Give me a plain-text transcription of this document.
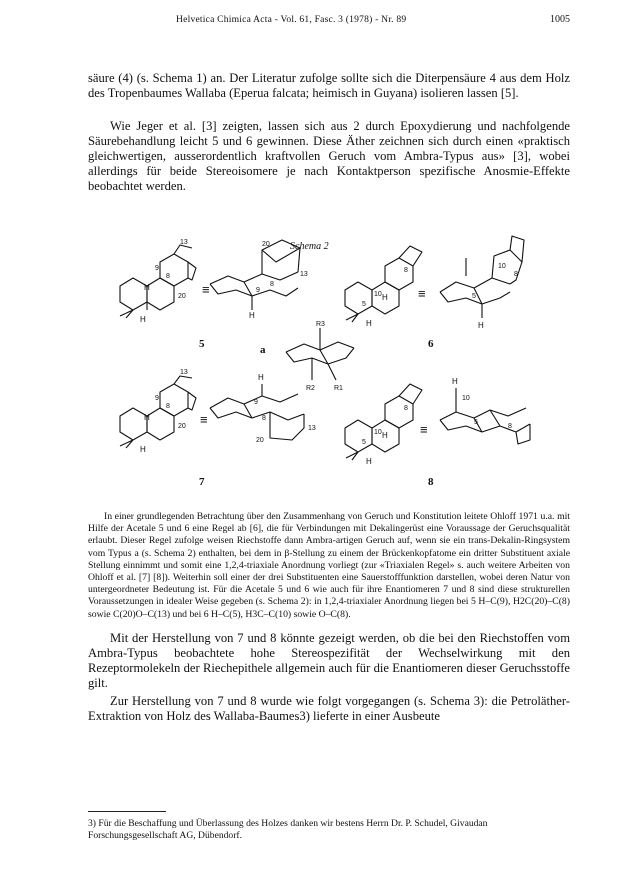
Helvetica Chimica Acta - Vol. 61, Fasc. 3 (1978) - Nr. 89	1005
säure (4) (s. Schema 1) an. Der Literatur zufolge sollte sich die Diterpensäure 4 aus dem Holz des Tropenbaumes Wallaba (Eperua falcata; heimisch in Guyana) isolieren lassen [5].
Wie Jeger et al. [3] zeigten, lassen sich aus 2 durch Epoxydierung und nachfolgende Säurebehandlung leicht 5 und 6 gewinnen. Diese Äther zeichnen sich durch einen «praktisch gleichwertigen, ausserordentlich kraftvollen Geruch vom Ambra-Typus aus» [3], wobei allerdings für beide Stereoisomere je nach Kontaktperson spezifische Anosmie-Effekte beobachtet werden.
Schema 2
13
9
8
20
H
H
20
9
8
13
H
10
5
8
H
H
10
5
8
H
R3
R2	R1
13
9
8
20
H
H
H
9
8
20
13
10
5
8
H
H
H
10
5
8
≡	≡
≡
≡
5	6
a
7	8
In einer grundlegenden Betrachtung über den Zusammenhang von Geruch und Konstitution leitete Ohloff 1971 u.a. mit Hilfe der Acetale 5 und 6 eine Regel ab [6], die für Verbindungen mit Dekalingerüst eine Voraussage der Geruchsqualität erlaubt. Dieser Regel zufolge weisen Riechstoffe dann Ambra-artigen Geruch auf, wenn sie ein trans-Dekalin-Ringsystem vom Typus a (s. Schema 2) enthalten, bei dem in β-Stellung zu einem der Brückenkopfatome ein dritter Substituent axiale Stellung einnimmt und somit eine 1,2,4-triaxiale Anordnung vorliegt (zur «Triaxialen Regel» s. auch weitere Arbeiten von Ohloff et al. [7] [8]). Weiterhin soll einer der drei Substituenten eine Sauerstofffunktion darstellen, wobei deren Natur von untergeordneter Bedeutung ist. Für die Acetale 5 und 6 wie auch für ihre Enantiomeren 7 und 8 sind diese strukturellen Voraussetzungen in idealer Weise gegeben (s. Schema 2): in 1,2,4-triaxialer Anordnung liegen bei 5 H–C(9), H2C(20)–C(8) sowie C(20)O–C(13) und bei 6 H–C(5), H3C–C(10) sowie O–C(8).
Mit der Herstellung von 7 und 8 könnte gezeigt werden, ob die bei den Riechstoffen vom Ambra-Typus beobachtete hohe Stereospezifität der Wechselwirkung mit den Rezeptormolekeln der Riechepithele allgemein auch für die Enantiomeren dieser Geruchsstoffe gilt.
Zur Herstellung von 7 und 8 wurde wie folgt vorgegangen (s. Schema 3): die Petroläther-Extraktion von Holz des Wallaba-Baumes3) lieferte in einer Ausbeute
3) Für die Beschaffung und Überlassung des Holzes danken wir bestens Herrn Dr. P. Schudel, Givaudan Forschungsgesellschaft AG, Dübendorf.
